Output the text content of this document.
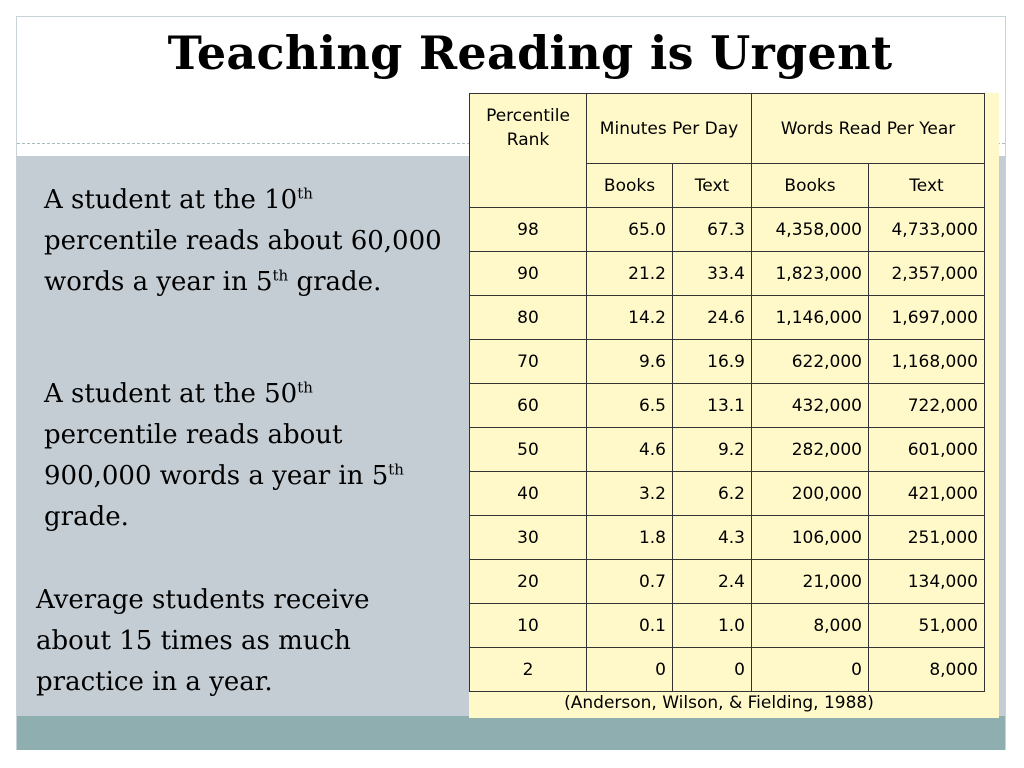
Teaching Reading is Urgent

A student at the 10th percentile reads about 60,000 words a year in 5th grade.

A student at the 50th percentile reads about 900,000 words a year in 5th grade.

Average students receive about 15 times as much practice in a year.

Percentile Rank	Minutes Per Day		Words Read Per Year	
	Books	Text	Books	Text
98	65.0	67.3	4,358,000	4,733,000
90	21.2	33.4	1,823,000	2,357,000
80	14.2	24.6	1,146,000	1,697,000
70	9.6	16.9	622,000	1,168,000
60	6.5	13.1	432,000	722,000
50	4.6	9.2	282,000	601,000
40	3.2	6.2	200,000	421,000
30	1.8	4.3	106,000	251,000
20	0.7	2.4	21,000	134,000
10	0.1	1.0	8,000	51,000
2	0	0	0	8,000
(Anderson, Wilson, & Fielding, 1988)
